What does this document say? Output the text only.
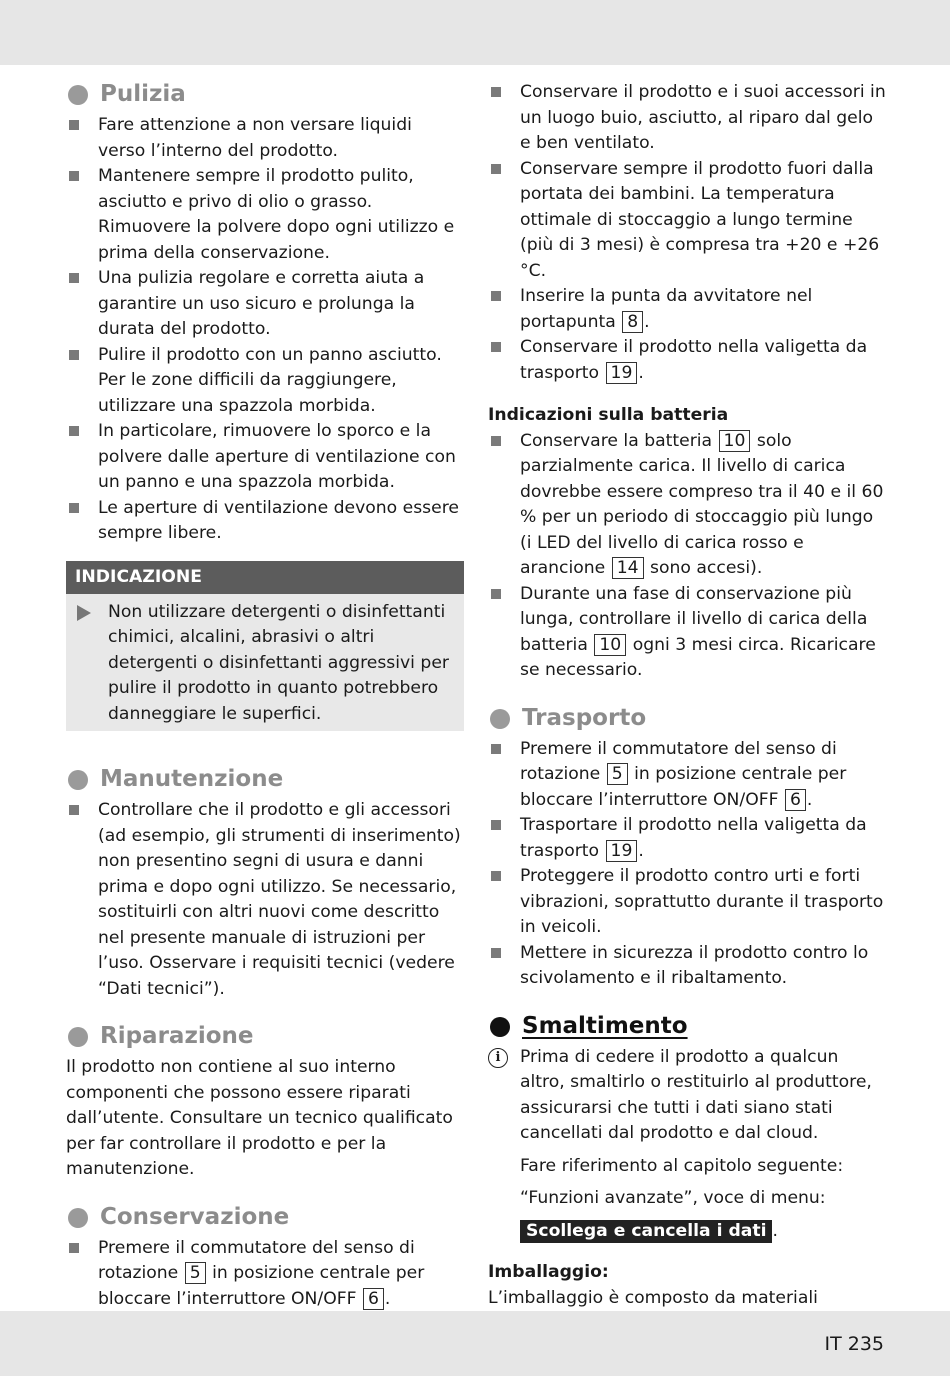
Pulizia
Fare attenzione a non versare liquidi verso l’interno del prodotto.
Mantenere sempre il prodotto pulito, asciutto e privo di olio o grasso. Rimuovere la polvere dopo ogni utilizzo e prima della conservazione.
Una pulizia regolare e corretta aiuta a garantire un uso sicuro e prolunga la durata del prodotto.
Pulire il prodotto con un panno asciutto. Per le zone difficili da raggiungere, utilizzare una spazzola morbida.
In particolare, rimuovere lo sporco e la polvere dalle aperture di ventilazione con un panno e una spazzola morbida.
Le aperture di ventilazione devono essere sempre libere.
INDICAZIONE

Non utilizzare detergenti o disinfettanti chimici, alcalini, abrasivi o altri detergenti o disinfettanti aggressivi per pulire il prodotto in quanto potrebbero danneggiare le superfici.

Manutenzione
Controllare che il prodotto e gli accessori (ad esempio, gli strumenti di inserimento) non presentino segni di usura e danni prima e dopo ogni utilizzo. Se necessario, sostituirli con altri nuovi come descritto nel presente manuale di istruzioni per l’uso. Osservare i requisiti tecnici (vedere “Dati tecnici”).
Riparazione

Il prodotto non contiene al suo interno componenti che possono essere riparati dall’utente. Consultare un tecnico qualificato per far controllare il prodotto e per la manutenzione.

Conservazione
Premere il commutatore del senso di rotazione 5 in posizione centrale per bloccare l’interruttore ON/OFF 6 .
Conservare il prodotto e i suoi accessori in un luogo buio, asciutto, al riparo dal gelo e ben ventilato.
Conservare sempre il prodotto fuori dalla portata dei bambini. La temperatura ottimale di stoccaggio a lungo termine (più di 3 mesi) è compresa tra +20 e +26 °C.
Inserire la punta da avvitatore nel portapunta 8 .
Conservare il prodotto nella valigetta da trasporto 19 .

Indicazioni sulla batteria

Conservare la batteria 10 solo parzialmente carica. Il livello di carica dovrebbe essere compreso tra il 40 e il 60 % per un periodo di stoccaggio più lungo (i LED del livello di carica rosso e arancione 14 sono accesi).
Durante una fase di conservazione più lunga, controllare il livello di carica della batteria 10 ogni 3 mesi circa. Ricaricare se necessario.
Trasporto
Premere il commutatore del senso di rotazione 5 in posizione centrale per bloccare l’interruttore ON/OFF 6 .
Trasportare il prodotto nella valigetta da trasporto 19 .
Proteggere il prodotto contro urti e forti vibrazioni, soprattutto durante il trasporto in veicoli.
Mettere in sicurezza il prodotto contro lo scivolamento e il ribaltamento.
Smaltimento
i	Prima di cedere il prodotto a qualcun altro, smaltirlo o restituirlo al produttore, assicurarsi che tutti i dati siano stati cancellati dal prodotto e dal cloud.

Fare riferimento al capitolo seguente:

“Funzioni avanzate”, voce di menu:

Scollega e cancella i dati .

Imballaggio:

L’imballaggio è composto da materiali

IT 235
